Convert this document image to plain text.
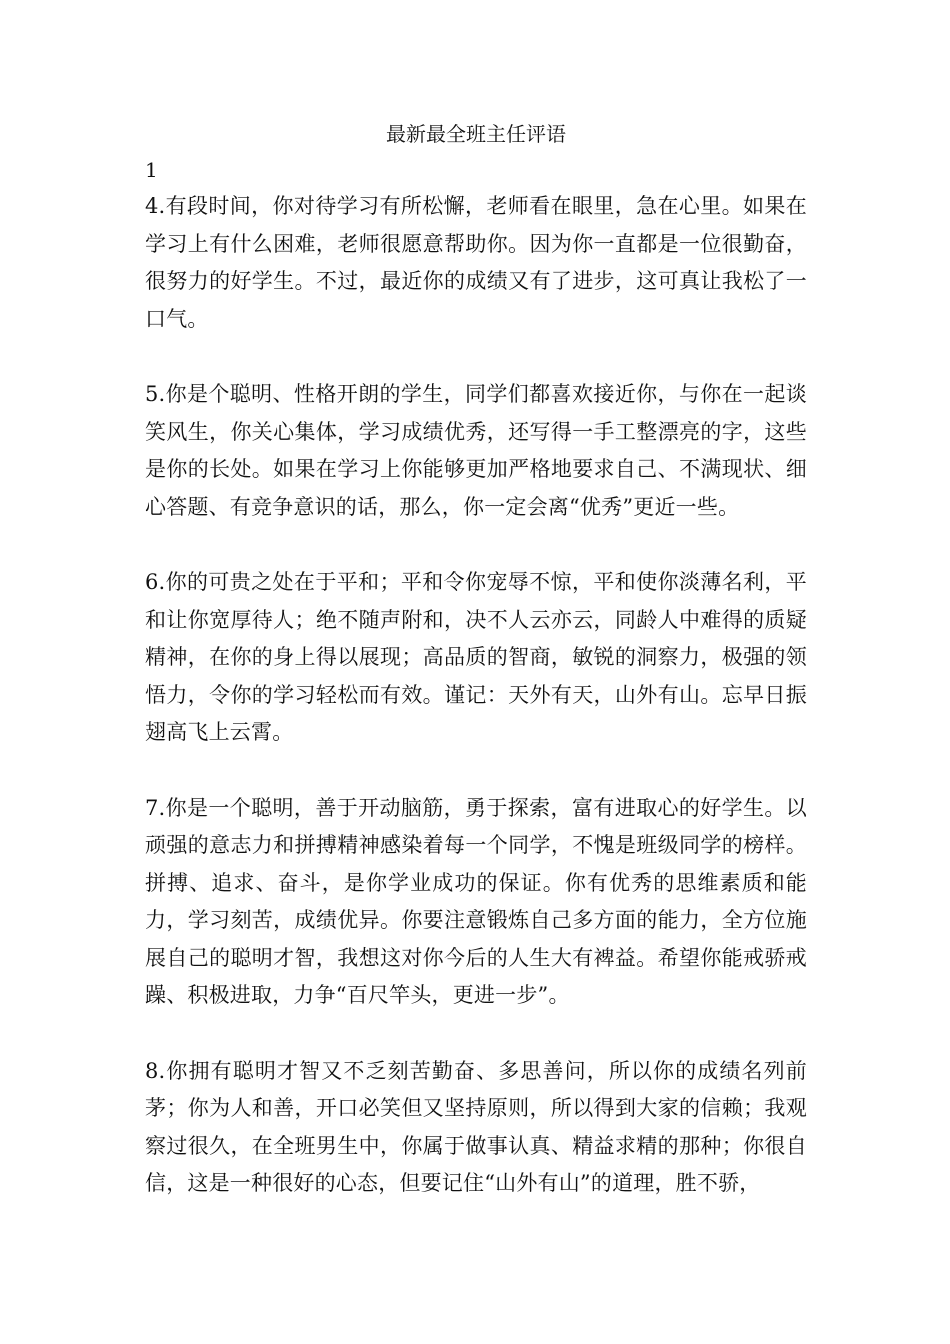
最新最全班主任评语

1

4.有段时间，你对待学习有所松懈，老师看在眼里，急在心里。如果在学习上有什么困难，老师很愿意帮助你。因为你一直都是一位很勤奋，很努力的好学生。不过，最近你的成绩又有了进步，这可真让我松了一口气。

5.你是个聪明、性格开朗的学生，同学们都喜欢接近你，与你在一起谈笑风生，你关心集体，学习成绩优秀，还写得一手工整漂亮的字，这些是你的长处。如果在学习上你能够更加严格地要求自己、不满现状、细心答题、有竞争意识的话，那么，你一定会离“优秀”更近一些。

6.你的可贵之处在于平和；平和令你宠辱不惊，平和使你淡薄名利，平和让你宽厚待人；绝不随声附和，决不人云亦云，同龄人中难得的质疑精神，在你的身上得以展现；高品质的智商，敏锐的洞察力，极强的领悟力，令你的学习轻松而有效。谨记：天外有天，山外有山。忘早日振翅高飞上云霄。

7.你是一个聪明，善于开动脑筋，勇于探索，富有进取心的好学生。以顽强的意志力和拼搏精神感染着每一个同学，不愧是班级同学的榜样。拼搏、追求、奋斗，是你学业成功的保证。你有优秀的思维素质和能力，学习刻苦，成绩优异。你要注意锻炼自己多方面的能力，全方位施展自己的聪明才智，我想这对你今后的人生大有裨益。希望你能戒骄戒躁、积极进取，力争“百尺竿头，更进一步”。

8.你拥有聪明才智又不乏刻苦勤奋、多思善问，所以你的成绩名列前茅；你为人和善，开口必笑但又坚持原则，所以得到大家的信赖；我观察过很久，在全班男生中，你属于做事认真、精益求精的那种；你很自信，这是一种很好的心态，但要记住“山外有山”的道理，胜不骄，
